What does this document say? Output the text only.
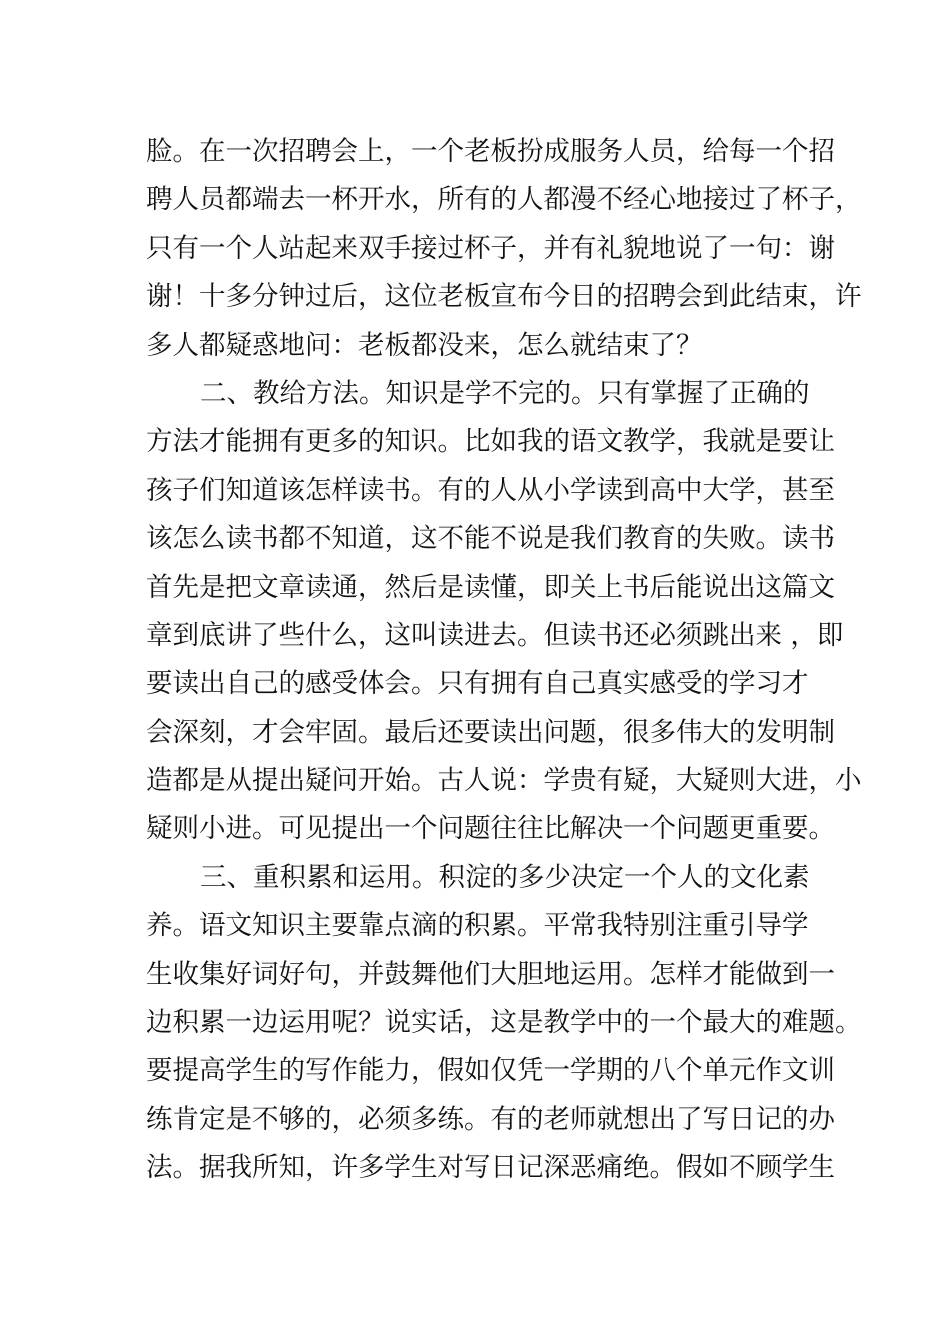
脸。在一次招聘会上，一个老板扮成服务人员，给每一个招
聘人员都端去一杯开水，所有的人都漫不经心地接过了杯子，
只有一个人站起来双手接过杯子，并有礼貌地说了一句：谢
谢！十多分钟过后，这位老板宣布今日的招聘会到此结束，许
多人都疑惑地问：老板都没来，怎么就结束了？
二、教给方法。知识是学不完的。只有掌握了正确的
方法才能拥有更多的知识。比如我的语文教学，我就是要让
孩子们知道该怎样读书。有的人从小学读到高中大学，甚至
该怎么读书都不知道，这不能不说是我们教育的失败。读书
首先是把文章读通，然后是读懂，即关上书后能说出这篇文
章到底讲了些什么，这叫读进去。但读书还必须跳出来 ，即
要读出自己的感受体会。只有拥有自己真实感受的学习才
会深刻，才会牢固。最后还要读出问题，很多伟大的发明制
造都是从提出疑问开始。古人说：学贵有疑，大疑则大进，小
疑则小进。可见提出一个问题往往比解决一个问题更重要。
三、重积累和运用。积淀的多少决定一个人的文化素
养。语文知识主要靠点滴的积累。平常我特别注重引导学
生收集好词好句，并鼓舞他们大胆地运用。怎样才能做到一
边积累一边运用呢？说实话，这是教学中的一个最大的难题。
要提高学生的写作能力，假如仅凭一学期的八个单元作文训
练肯定是不够的，必须多练。有的老师就想出了写日记的办
法。据我所知，许多学生对写日记深恶痛绝。假如不顾学生
